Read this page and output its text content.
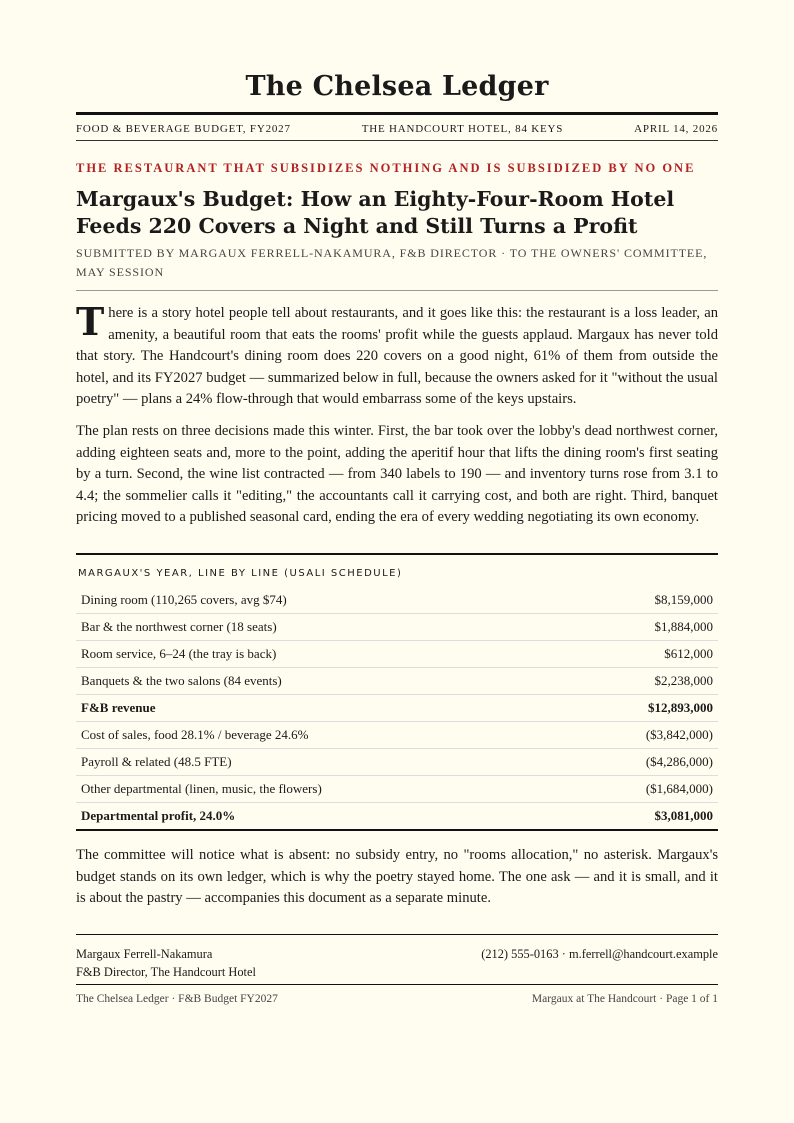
The Chelsea Ledger
FOOD & BEVERAGE BUDGET, FY2027	THE HANDCOURT HOTEL, 84 KEYS	APRIL 14, 2026
THE RESTAURANT THAT SUBSIDIZES NOTHING AND IS SUBSIDIZED BY NO ONE
Margaux's Budget: How an Eighty-Four-Room Hotel Feeds 220 Covers a Night and Still Turns a Profit
SUBMITTED BY MARGAUX FERRELL-NAKAMURA, F&B DIRECTOR · TO THE OWNERS' COMMITTEE, MAY SESSION

There is a story hotel people tell about restaurants, and it goes like this: the restaurant is a loss leader, an amenity, a beautiful room that eats the rooms' profit while the guests applaud. Margaux has never told that story. The Handcourt's dining room does 220 covers on a good night, 61% of them from outside the hotel, and its FY2027 budget — summarized below in full, because the owners asked for it "without the usual poetry" — plans a 24% flow-through that would embarrass some of the keys upstairs.

The plan rests on three decisions made this winter. First, the bar took over the lobby's dead northwest corner, adding eighteen seats and, more to the point, adding the aperitif hour that lifts the dining room's first seating by a turn. Second, the wine list contracted — from 340 labels to 190 — and inventory turns rose from 3.1 to 4.4; the sommelier calls it "editing," the accountants call it carrying cost, and both are right. Third, banquet pricing moved to a published seasonal card, ending the era of every wedding negotiating its own economy.

MARGAUX'S YEAR, LINE BY LINE (USALI SCHEDULE)
Dining room (110,265 covers, avg $74)	$8,159,000
Bar & the northwest corner (18 seats)	$1,884,000
Room service, 6–24 (the tray is back)	$612,000
Banquets & the two salons (84 events)	$2,238,000
F&B revenue	$12,893,000
Cost of sales, food 28.1% / beverage 24.6%	($3,842,000)
Payroll & related (48.5 FTE)	($4,286,000)
Other departmental (linen, music, the flowers)	($1,684,000)
Departmental profit, 24.0%	$3,081,000

The committee will notice what is absent: no subsidy entry, no "rooms allocation," no asterisk. Margaux's budget stands on its own ledger, which is why the poetry stayed home. The one ask — and it is small, and it is about the pastry — accompanies this document as a separate minute.

Margaux Ferrell-Nakamura
F&B Director, The Handcourt Hotel
(212) 555-0163 · m.ferrell@handcourt.example
The Chelsea Ledger · F&B Budget FY2027	Margaux at The Handcourt · Page 1 of 1
